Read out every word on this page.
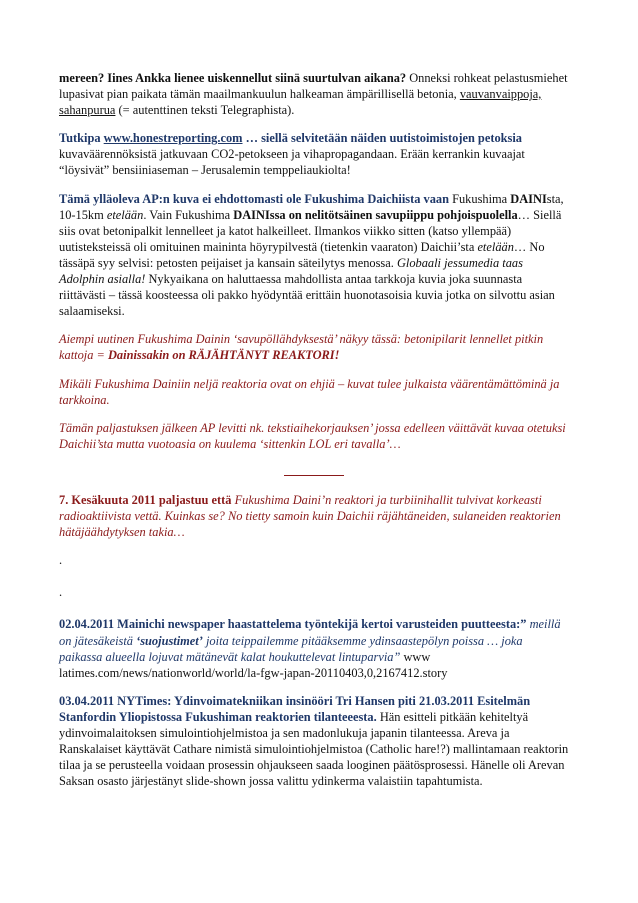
mereen? Iines Ankka lienee uiskennellut siinä suurtulvan aikana? Onneksi rohkeat pelastusmiehet lupasivat pian paikata tämän maailmankuulun halkeaman ämpärillisellä betonia, vauvanvaippoja, sahanpurua (= autenttinen teksti Telegraphista).

Tutkipa www.honestreporting.com … siellä selvitetään näiden uutistoimistojen petoksia kuvaväärennöksistä jatkuvaan CO2-petokseen ja vihapropagandaan. Erään kerrankin kuvaajat “löysivät” bensiiniaseman – Jerusalemin temppeliaukiolta!

Tämä ylläoleva AP:n kuva ei ehdottomasti ole Fukushima Daichiista vaan Fukushima DAINIsta, 10-15km etelään. Vain Fukushima DAINIssa on nelitötsäinen savupiippu pohjoispuolella… Siellä siis ovat betonipalkit lennelleet ja katot halkeilleet. Ilmankos viikko sitten (katso yllempää) uutisteksteissä oli omituinen maininta höyrypilvestä (tietenkin vaaraton) Daichii’sta etelään… No tässäpä syy selvisi: petosten peijaiset ja kansain säteilytys menossa. Globaali jessumedia taas Adolphin asialla! Nykyaikana on haluttaessa mahdollista antaa tarkkoja kuvia joka suunnasta riittävästi – tässä koosteessa oli pakko hyödyntää erittäin huonotasoisia kuvia jotka on silvottu asian salaamiseksi.

Aiempi uutinen Fukushima Dainin ‘savupöllähdyksestä’ näkyy tässä: betonipilarit lennellet pitkin kattoja = Dainissakin on RÄJÄHTÄNYT REAKTORI!

Mikäli Fukushima Dainiin neljä reaktoria ovat on ehjiä – kuvat tulee julkaista väärentämättöminä ja tarkkoina.

Tämän paljastuksen jälkeen AP levitti nk. tekstiaihekorjauksen’ jossa edelleen väittävät kuvaa otetuksi Daichii’sta mutta vuotoasia on kuulema ‘sittenkin LOL eri tavalla’…

7. Kesäkuuta 2011 paljastuu että Fukushima Daini’n reaktori ja turbiinihallit tulvivat korkeasti radioaktiivista vettä. Kuinkas se? No tietty samoin kuin Daichii räjähtäneiden, sulaneiden reaktorien hätäjäähdytyksen takia…

.

.

02.04.2011 Mainichi newspaper haastattelema työntekijä kertoi varusteiden puutteesta:” meillä on jätesäkeistä ‘suojustimet’ joita teippailemme pitääksemme ydinsaastepölyn poissa … joka paikassa alueella lojuvat mätänevät kalat houkuttelevat lintuparvia” www latimes.com/news/nationworld/world/la-fgw-japan-20110403,0,2167412.story

03.04.2011 NYTimes: Ydinvoimatekniikan insinööri Tri Hansen piti 21.03.2011 Esitelmän Stanfordin Yliopistossa Fukushiman reaktorien tilanteeesta. Hän esitteli pitkään kehiteltyä ydinvoimalaitoksen simulointiohjelmistoa ja sen madonlukuja japanin tilanteessa. Areva ja Ranskalaiset käyttävät Cathare nimistä simulointiohjelmistoa (Catholic hare!?) mallintamaan reaktorin tilaa ja se perusteella voidaan prosessin ohjaukseen saada looginen päätösprosessi. Hänelle oli Arevan Saksan osasto järjestänyt slide-shown jossa valittu ydinkerma valaistiin tapahtumista.
